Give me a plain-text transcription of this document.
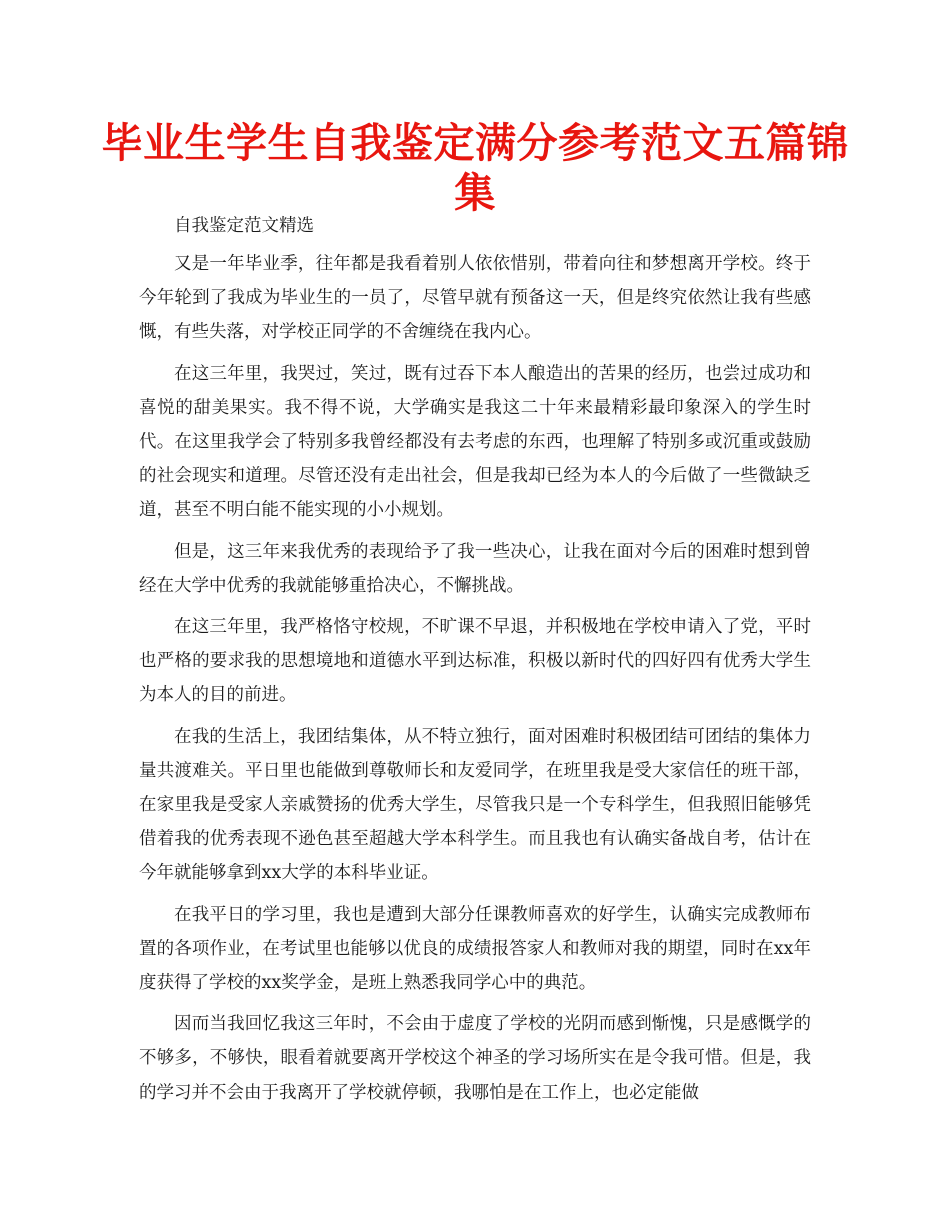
毕业生学生自我鉴定满分参考范文五篇锦集

自我鉴定范文精选

又是一年毕业季，往年都是我看着别人依依惜别，带着向往和梦想离开学校。终于今年轮到了我成为毕业生的一员了，尽管早就有预备这一天，但是终究依然让我有些感慨，有些失落，对学校正同学的不舍缠绕在我内心。

在这三年里，我哭过，笑过，既有过吞下本人酿造出的苦果的经历，也尝过成功和喜悦的甜美果实。我不得不说，大学确实是我这二十年来最精彩最印象深入的学生时代。在这里我学会了特别多我曾经都没有去考虑的东西，也理解了特别多或沉重或鼓励的社会现实和道理。尽管还没有走出社会，但是我却已经为本人的今后做了一些微缺乏道，甚至不明白能不能实现的小小规划。

但是，这三年来我优秀的表现给予了我一些决心，让我在面对今后的困难时想到曾经在大学中优秀的我就能够重拾决心，不懈挑战。

在这三年里，我严格恪守校规，不旷课不早退，并积极地在学校申请入了党，平时也严格的要求我的思想境地和道德水平到达标准，积极以新时代的四好四有优秀大学生为本人的目的前进。

在我的生活上，我团结集体，从不特立独行，面对困难时积极团结可团结的集体力量共渡难关。平日里也能做到尊敬师长和友爱同学，在班里我是受大家信任的班干部，在家里我是受家人亲戚赞扬的优秀大学生，尽管我只是一个专科学生，但我照旧能够凭借着我的优秀表现不逊色甚至超越大学本科学生。而且我也有认确实备战自考，估计在今年就能够拿到xx大学的本科毕业证。

在我平日的学习里，我也是遭到大部分任课教师喜欢的好学生，认确实完成教师布置的各项作业，在考试里也能够以优良的成绩报答家人和教师对我的期望，同时在xx年度获得了学校的xx奖学金，是班上熟悉我同学心中的典范。

因而当我回忆我这三年时，不会由于虚度了学校的光阴而感到惭愧，只是感慨学的不够多，不够快，眼看着就要离开学校这个神圣的学习场所实在是令我可惜。但是，我的学习并不会由于我离开了学校就停顿，我哪怕是在工作上，也必定能做
